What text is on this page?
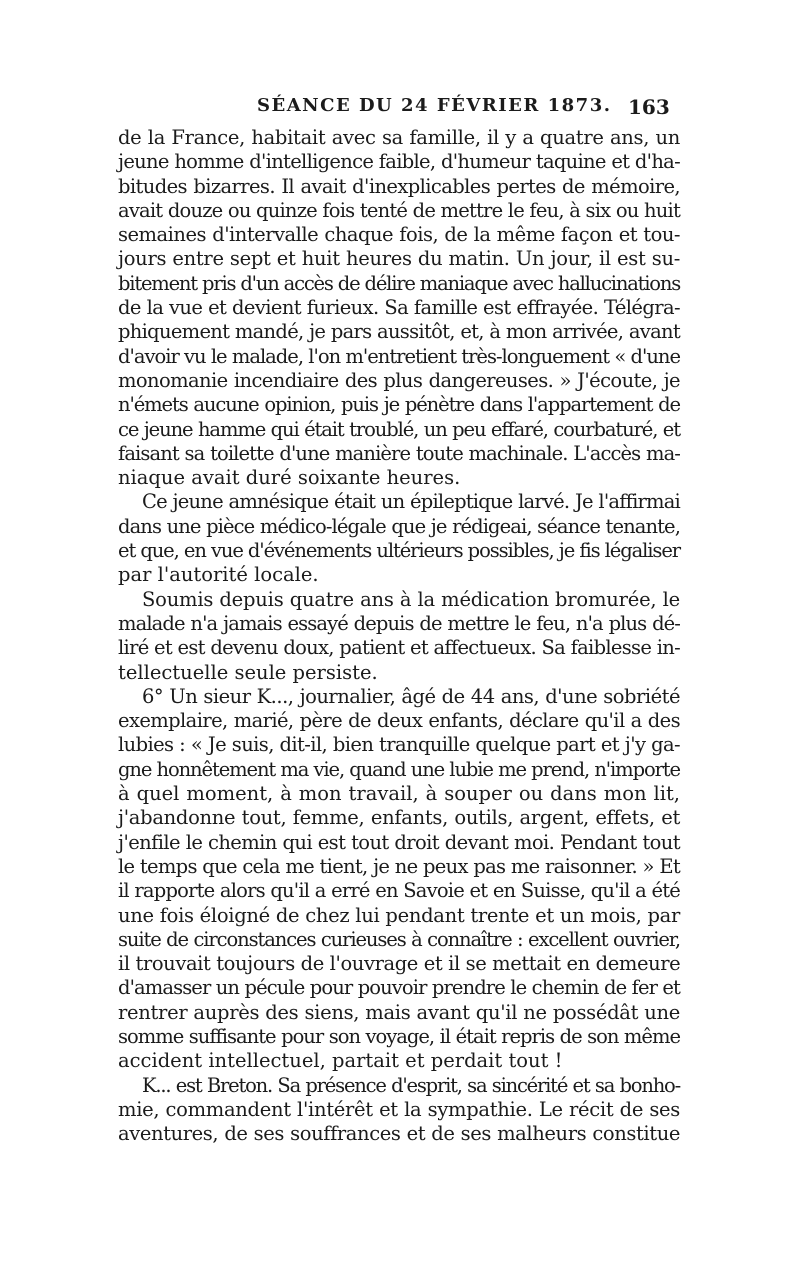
SÉANCE DU 24 FÉVRIER 1873. 163
de la France, habitait avec sa famille, il y a quatre ans, un
jeune homme d'intelligence faible, d'humeur taquine et d'ha-
bitudes bizarres. Il avait d'inexplicables pertes de mémoire,
avait douze ou quinze fois tenté de mettre le feu, à six ou huit
semaines d'intervalle chaque fois, de la même façon et tou-
jours entre sept et huit heures du matin. Un jour, il est su-
bitement pris d'un accès de délire maniaque avec hallucinations
de la vue et devient furieux. Sa famille est effrayée. Télégra-
phiquement mandé, je pars aussitôt, et, à mon arrivée, avant
d'avoir vu le malade, l'on m'entretient très-longuement « d'une
monomanie incendiaire des plus dangereuses. » J'écoute, je
n'émets aucune opinion, puis je pénètre dans l'appartement de
ce jeune hamme qui était troublé, un peu effaré, courbaturé, et
faisant sa toilette d'une manière toute machinale. L'accès ma-
niaque avait duré soixante heures.
Ce jeune amnésique était un épileptique larvé. Je l'affirmai
dans une pièce médico-légale que je rédigeai, séance tenante,
et que, en vue d'événements ultérieurs possibles, je fis légaliser
par l'autorité locale.
Soumis depuis quatre ans à la médication bromurée, le
malade n'a jamais essayé depuis de mettre le feu, n'a plus dé-
liré et est devenu doux, patient et affectueux. Sa faiblesse in-
tellectuelle seule persiste.
6° Un sieur K..., journalier, âgé de 44 ans, d'une sobriété
exemplaire, marié, père de deux enfants, déclare qu'il a des
lubies : « Je suis, dit-il, bien tranquille quelque part et j'y ga-
gne honnêtement ma vie, quand une lubie me prend, n'importe
à quel moment, à mon travail, à souper ou dans mon lit,
j'abandonne tout, femme, enfants, outils, argent, effets, et
j'enfile le chemin qui est tout droit devant moi. Pendant tout
le temps que cela me tient, je ne peux pas me raisonner. » Et
il rapporte alors qu'il a erré en Savoie et en Suisse, qu'il a été
une fois éloigné de chez lui pendant trente et un mois, par
suite de circonstances curieuses à connaître : excellent ouvrier,
il trouvait toujours de l'ouvrage et il se mettait en demeure
d'amasser un pécule pour pouvoir prendre le chemin de fer et
rentrer auprès des siens, mais avant qu'il ne possédât une
somme suffisante pour son voyage, il était repris de son même
accident intellectuel, partait et perdait tout !
K... est Breton. Sa présence d'esprit, sa sincérité et sa bonho-
mie, commandent l'intérêt et la sympathie. Le récit de ses
aventures, de ses souffrances et de ses malheurs constitue
